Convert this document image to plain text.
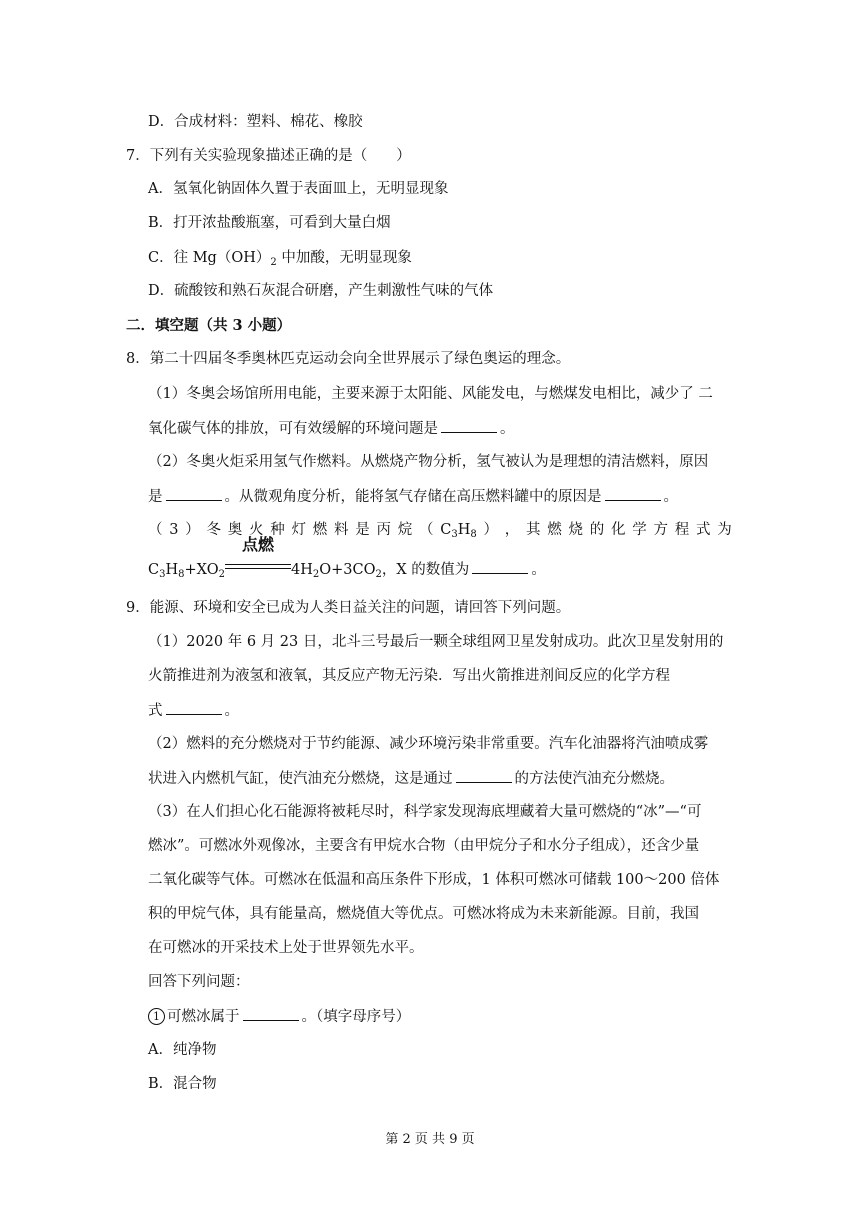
D．合成材料：塑料、棉花、橡胶
7．下列有关实验现象描述正确的是（　　）
A．氢氧化钠固体久置于表面皿上，无明显现象
B．打开浓盐酸瓶塞，可看到大量白烟
C．往 $Mg(OH)_2$ 中加酸，无明显现象
D．硫酸铵和熟石灰混合研磨，产生刺激性气味的气体
二．填空题（共 3 小题）
8．第二十四届冬季奥林匹克运动会向全世界展示了绿色奥运的理念。
（1）冬奥会场馆所用电能，主要来源于太阳能、风能发电，与燃煤发电相比，减少了 二
氧化碳气体的排放，可有效缓解的环境问题是	。
（2）冬奥火炬采用氢气作燃料。从燃烧产物分析，氢气被认为是理想的清洁燃料，原因
是	。从微观角度分析，能将氢气存储在高压燃料罐中的原因是	。
（ 3 ） 冬 奥 火 种 灯 燃 料 是 丙 烷 （ $C_3H_8$ ） ， 其 燃 烧 的 化 学 方 程 式 为
$C_3H_8+XO_2$
点燃
$4H_2O+3CO_2$，X 的数值为	。
9．能源、环境和安全已成为人类日益关注的问题，请回答下列问题。
（1）2020 年 6 月 23 日，北斗三号最后一颗全球组网卫星发射成功。此次卫星发射用的
火箭推进剂为液氢和液氧，其反应产物无污染．写出火箭推进剂间反应的化学方程
式	。
（2）燃料的充分燃烧对于节约能源、减少环境污染非常重要。汽车化油器将汽油喷成雾
状进入内燃机气缸，使汽油充分燃烧，这是通过	的方法使汽油充分燃烧。
（3）在人们担心化石能源将被耗尽时，科学家发现海底埋藏着大量可燃烧的“冰”—“可
燃冰”。可燃冰外观像冰，主要含有甲烷水合物（由甲烷分子和水分子组成），还含少量
二氧化碳等气体。可燃冰在低温和高压条件下形成，1 体积可燃冰可储载 100～200 倍体
积的甲烷气体，具有能量高，燃烧值大等优点。可燃冰将成为未来新能源。目前，我国
在可燃冰的开采技术上处于世界领先水平。
回答下列问题：
1 可燃冰属于	。（填字母序号）
A．纯净物
B．混合物
第 2 页 共 9 页
